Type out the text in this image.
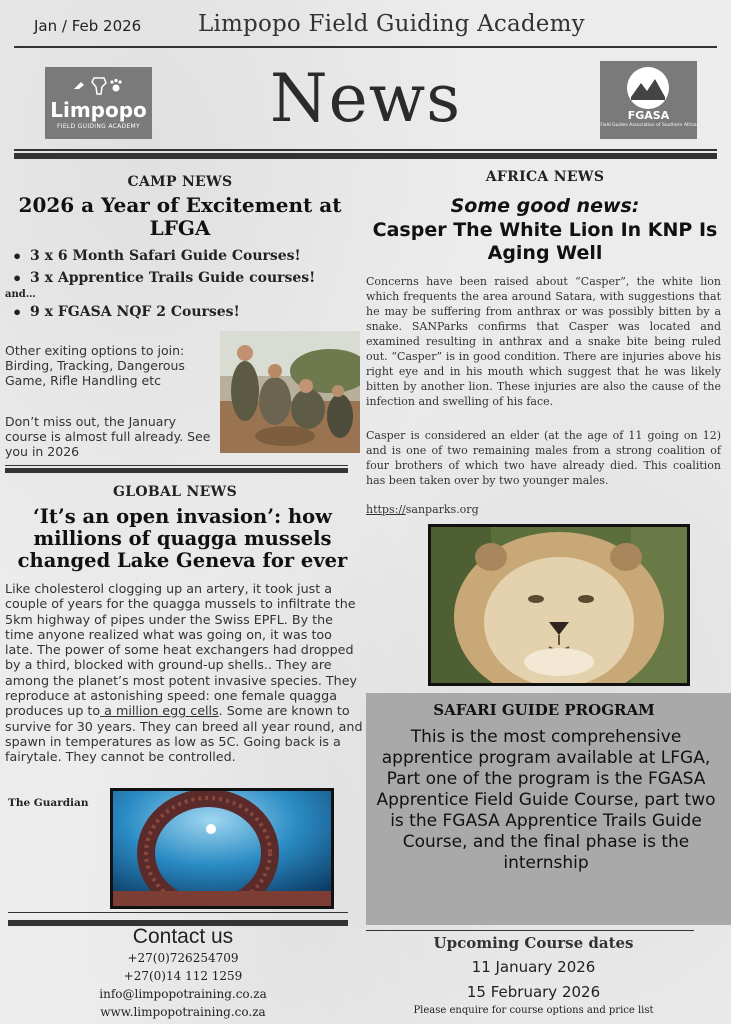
Jan / Feb 2026 Limpopo Field Guiding Academy
Limpopo
FIELD GUIDING ACADEMY	News	FGASA
Field Guides Association of Southern Africa
CAMP NEWS
2026 a Year of Excitement at LFGA
• 3 x 6 Month Safari Guide Courses!
• 3 x Apprentice Trails Guide courses!
and…
• 9 x FGASA NQF 2 Courses!
Other exiting options to join: Birding, Tracking, Dangerous Game, Rifle Handling etc
Don’t miss out, the January course is almost full already. See you in 2026
GLOBAL NEWS
‘It’s an open invasion’: how millions of quagga mussels changed Lake Geneva for ever
Like cholesterol clogging up an artery, it took just a couple of years for the quagga mussels to infiltrate the 5km highway of pipes under the Swiss EPFL. By the time anyone realized what was going on, it was too late. The power of some heat exchangers had dropped by a third, blocked with ground-up shells.. They are among the planet’s most potent invasive species. They reproduce at astonishing speed: one female quagga produces up to a million egg cells. Some are known to survive for 30 years. They can breed all year round, and spawn in temperatures as low as 5C. Going back is a fairytale. They cannot be controlled.
The Guardian
Contact us
+27(0)726254709
+27(0)14 112 1259
info@limpopotraining.co.za
www.limpopotraining.co.za
AFRICA NEWS
Some good news:
Casper The White Lion In KNP Is Aging Well
Concerns have been raised about “Casper”, the white lion which frequents the area around Satara, with suggestions that he may be suffering from anthrax or was possibly bitten by a snake. SANParks confirms that Casper was located and examined resulting in anthrax and a snake bite being ruled out. “Casper” is in good condition. There are injuries above his right eye and in his mouth which suggest that he was likely bitten by another lion. These injuries are also the cause of the infection and swelling of his face.
Casper is considered an elder (at the age of 11 going on 12) and is one of two remaining males from a strong coalition of four brothers of which two have already died. This coalition has been taken over by two younger males.
https://sanparks.org
SAFARI GUIDE PROGRAM
This is the most comprehensive apprentice program available at LFGA, Part one of the program is the FGASA Apprentice Field Guide Course, part two is the FGASA Apprentice Trails Guide Course, and the final phase is the internship
Upcoming Course dates
11 January 2026
15 February 2026
Please enquire for course options and price list
